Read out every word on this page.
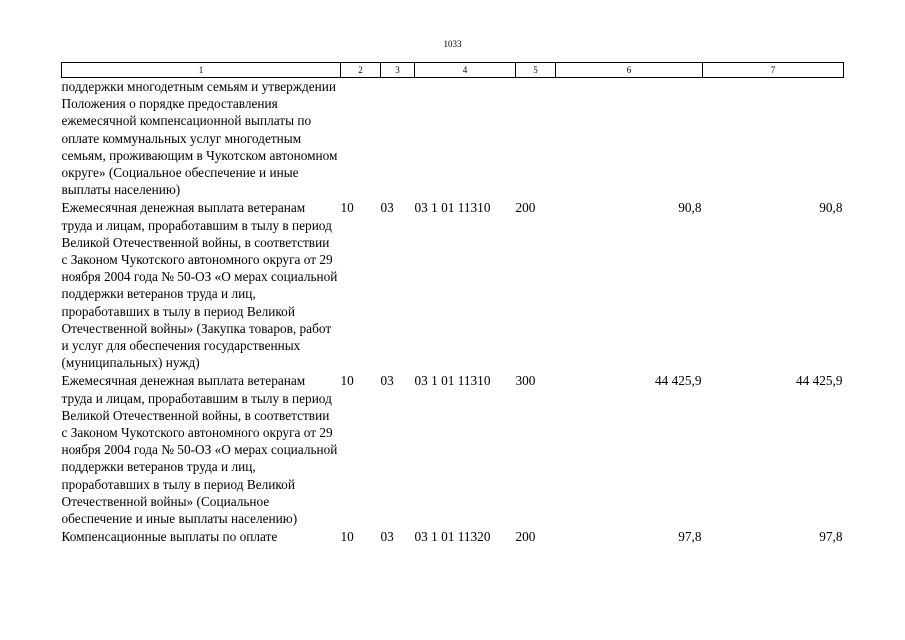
1033
1	2	3	4	5	6	7
поддержки многодетным семьям и утверждении Положения о порядке предоставления ежемесячной компенсационной выплаты по оплате коммунальных услуг многодетным семьям, проживающим в Чукотском автономном округе» (Социальное обеспечение и иные выплаты населению)						
Ежемесячная денежная выплата ветеранам труда и лицам, проработавшим в тылу в период Великой Отечественной войны, в соответствии с Законом Чукотского автономного округа от 29 ноября 2004 года № 50-ОЗ «О мерах социальной поддержки ветеранов труда и лиц, проработавших в тылу в период Великой Отечественной войны» (Закупка товаров, работ и услуг для обеспечения государственных (муниципальных) нужд)	10	03	03 1 01 11310	200	90,8	90,8
Ежемесячная денежная выплата ветеранам труда и лицам, проработавшим в тылу в период Великой Отечественной войны, в соответствии с Законом Чукотского автономного округа от 29 ноября 2004 года № 50-ОЗ «О мерах социальной поддержки ветеранов труда и лиц, проработавших в тылу в период Великой Отечественной войны» (Социальное обеспечение и иные выплаты населению)	10	03	03 1 01 11310	300	44 425,9	44 425,9
Компенсационные выплаты по оплате	10	03	03 1 01 11320	200	97,8	97,8
